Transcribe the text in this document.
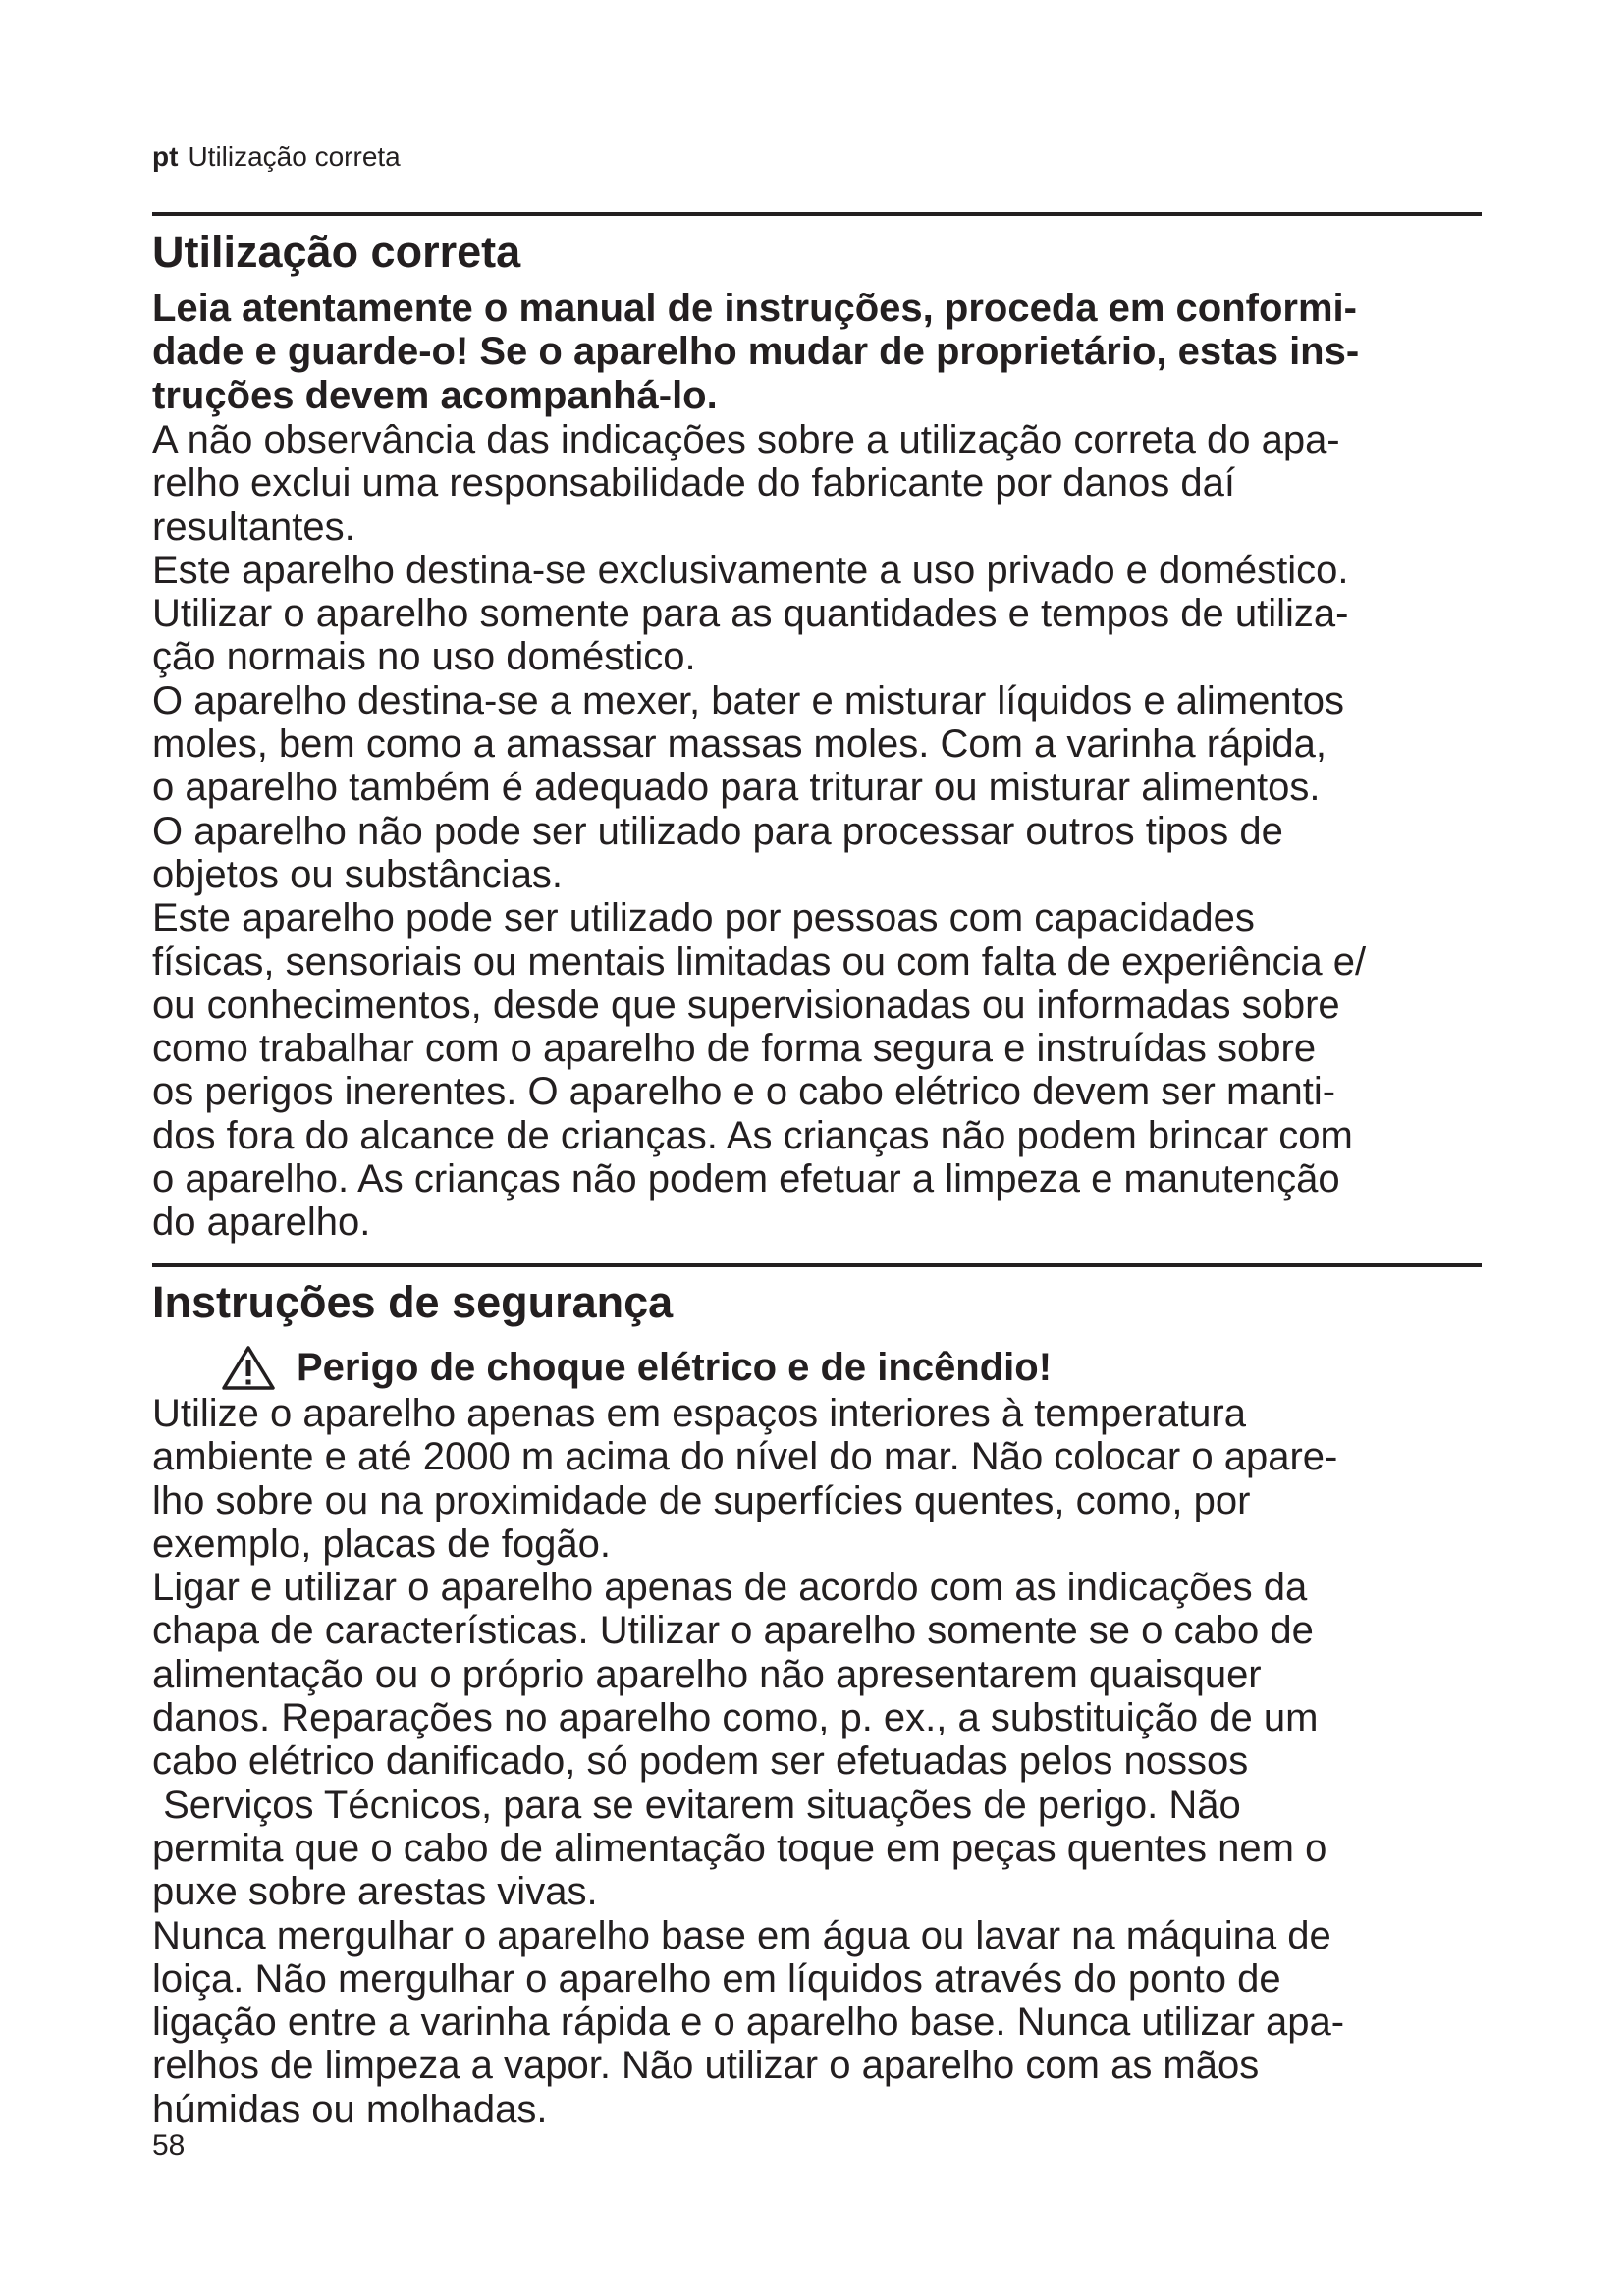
pt Utilização correta
Utilização correta
Leia atentamente o manual de instruções, proceda em conformi-
dade e guarde-o! Se o aparelho mudar de proprietário, estas ins-
truções devem acompanhá-lo.
A não observância das indicações sobre a utilização correta do apa-
relho exclui uma responsabilidade do fabricante por danos daí
resultantes.
Este aparelho destina-se exclusivamente a uso privado e doméstico.
Utilizar o aparelho somente para as quantidades e tempos de utiliza-
ção normais no uso doméstico.
O aparelho destina-se a mexer, bater e misturar líquidos e alimentos
moles, bem como a amassar massas moles. Com a varinha rápida,
o aparelho também é adequado para triturar ou misturar alimentos.
O aparelho não pode ser utilizado para processar outros tipos de
objetos ou substâncias.
Este aparelho pode ser utilizado por pessoas com capacidades
físicas, sensoriais ou mentais limitadas ou com falta de experiência e/
ou conhecimentos, desde que supervisionadas ou informadas sobre
como trabalhar com o aparelho de forma segura e instruídas sobre
os perigos inerentes. O aparelho e o cabo elétrico devem ser manti-
dos fora do alcance de crianças. As crianças não podem brincar com
o aparelho. As crianças não podem efetuar a limpeza e manutenção
do aparelho.
Instruções de segurança
Perigo de choque elétrico e de incêndio!
Utilize o aparelho apenas em espaços interiores à temperatura
ambiente e até 2000 m acima do nível do mar. Não colocar o apare-
lho sobre ou na proximidade de superfícies quentes, como, por
exemplo, placas de fogão.
Ligar e utilizar o aparelho apenas de acordo com as indicações da
chapa de características. Utilizar o aparelho somente se o cabo de
alimentação ou o próprio aparelho não apresentarem quaisquer
danos. Reparações no aparelho como, p. ex., a substituição de um
cabo elétrico danificado, só podem ser efetuadas pelos nossos
Serviços Técnicos, para se evitarem situações de perigo. Não
permita que o cabo de alimentação toque em peças quentes nem o
puxe sobre arestas vivas.
Nunca mergulhar o aparelho base em água ou lavar na máquina de
loiça. Não mergulhar o aparelho em líquidos através do ponto de
ligação entre a varinha rápida e o aparelho base. Nunca utilizar apa-
relhos de limpeza a vapor. Não utilizar o aparelho com as mãos
húmidas ou molhadas.
58
